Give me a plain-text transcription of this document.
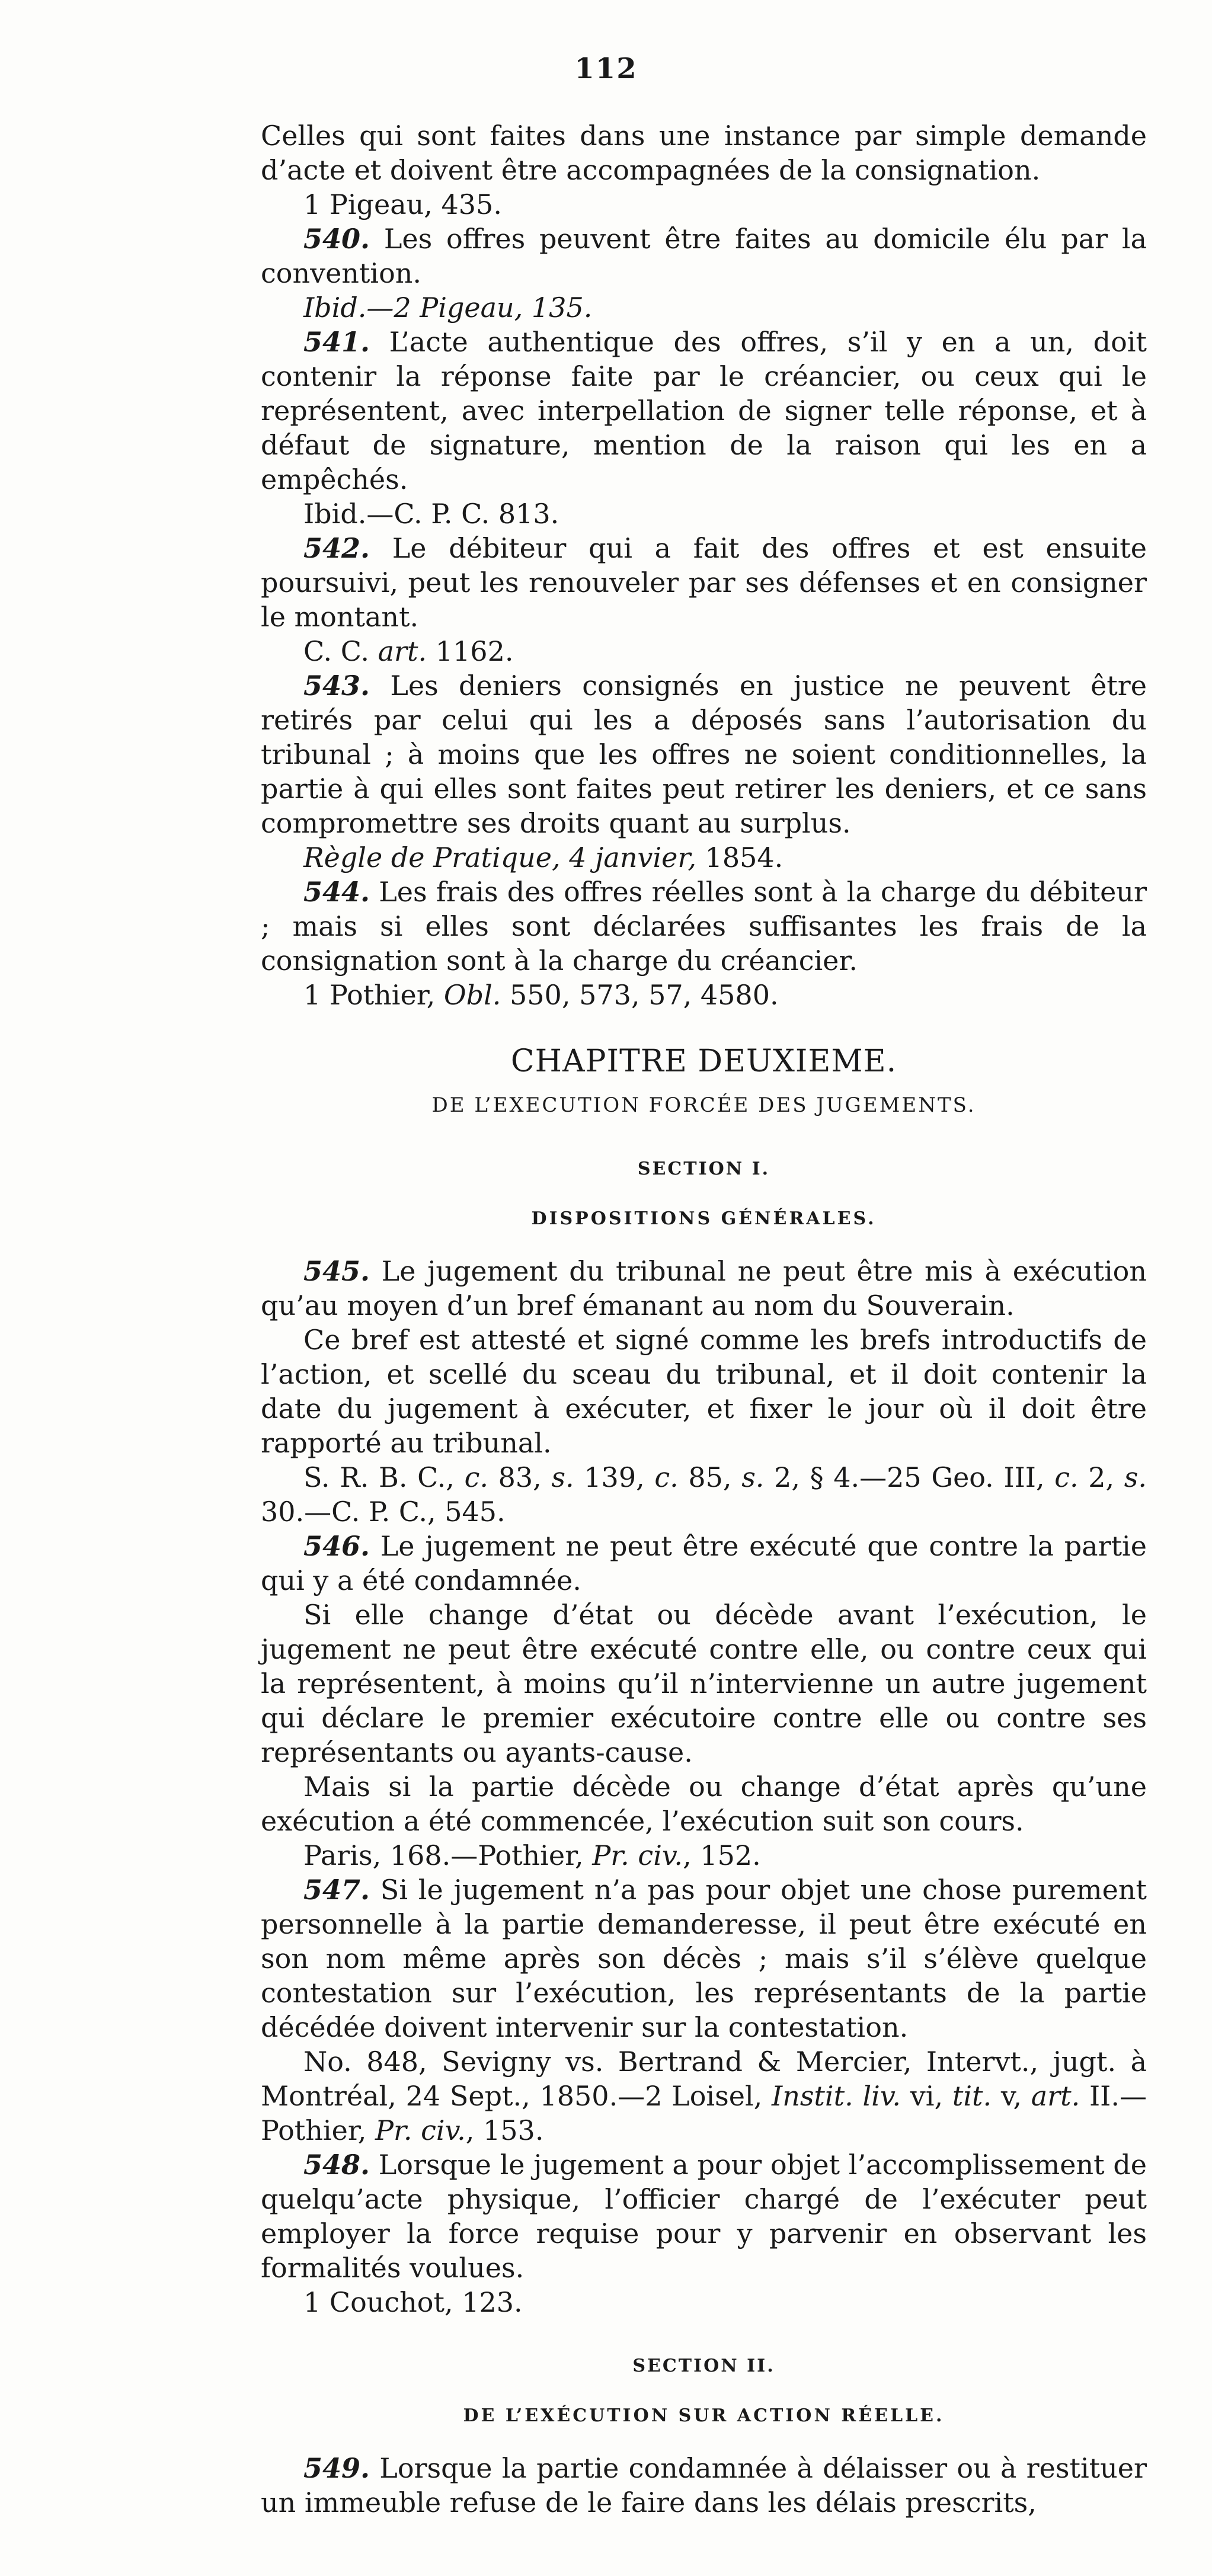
112

Celles qui sont faites dans une instance par simple demande d’acte et doivent être accompagnées de la consignation.

1 Pigeau, 435.

540. Les offres peuvent être faites au domicile élu par la convention.

Ibid.—2 Pigeau, 135.

541. L’acte authentique des offres, s’il y en a un, doit contenir la réponse faite par le créancier, ou ceux qui le représentent, avec interpellation de signer telle réponse, et à défaut de signature, mention de la raison qui les en a empêchés.

Ibid.—C. P. C. 813.

542. Le débiteur qui a fait des offres et est ensuite poursuivi, peut les renouveler par ses défenses et en consigner le montant.

C. C. art. 1162.

543. Les deniers consignés en justice ne peuvent être retirés par celui qui les a déposés sans l’autorisation du tribunal ; à moins que les offres ne soient conditionnelles, la partie à qui elles sont faites peut retirer les deniers, et ce sans compromettre ses droits quant au surplus.

Règle de Pratique, 4 janvier, 1854.

544. Les frais des offres réelles sont à la charge du débiteur ; mais si elles sont déclarées suffisantes les frais de la consignation sont à la charge du créancier.

1 Pothier, Obl. 550, 573, 57, 4580.

CHAPITRE DEUXIEME.
DE L’EXECUTION FORCÉE DES JUGEMENTS.
SECTION I.
DISPOSITIONS GÉNÉRALES.

545. Le jugement du tribunal ne peut être mis à exécution qu’au moyen d’un bref émanant au nom du Souverain.

Ce bref est attesté et signé comme les brefs introductifs de l’action, et scellé du sceau du tribunal, et il doit contenir la date du jugement à exécuter, et fixer le jour où il doit être rapporté au tribunal.

S. R. B. C., c. 83, s. 139, c. 85, s. 2, § 4.—25 Geo. III, c. 2, s. 30.—C. P. C., 545.

546. Le jugement ne peut être exécuté que contre la partie qui y a été condamnée.

Si elle change d’état ou décède avant l’exécution, le jugement ne peut être exécuté contre elle, ou contre ceux qui la représentent, à moins qu’il n’intervienne un autre jugement qui déclare le premier exécutoire contre elle ou contre ses représentants ou ayants-cause.

Mais si la partie décède ou change d’état après qu’une exécution a été commencée, l’exécution suit son cours.

Paris, 168.—Pothier, Pr. civ., 152.

547. Si le jugement n’a pas pour objet une chose purement personnelle à la partie demanderesse, il peut être exécuté en son nom même après son décès ; mais s’il s’élève quelque contestation sur l’exécution, les représentants de la partie décédée doivent intervenir sur la contestation.

No. 848, Sevigny vs. Bertrand & Mercier, Intervt., jugt. à Montréal, 24 Sept., 1850.—2 Loisel, Instit. liv. vi, tit. v, art. II.—Pothier, Pr. civ., 153.

548. Lorsque le jugement a pour objet l’accomplissement de quelqu’acte physique, l’officier chargé de l’exécuter peut employer la force requise pour y parvenir en observant les formalités voulues.

1 Couchot, 123.

SECTION II.
DE L’EXÉCUTION SUR ACTION RÉELLE.

549. Lorsque la partie condamnée à délaisser ou à restituer un immeuble refuse de le faire dans les délais prescrits,
